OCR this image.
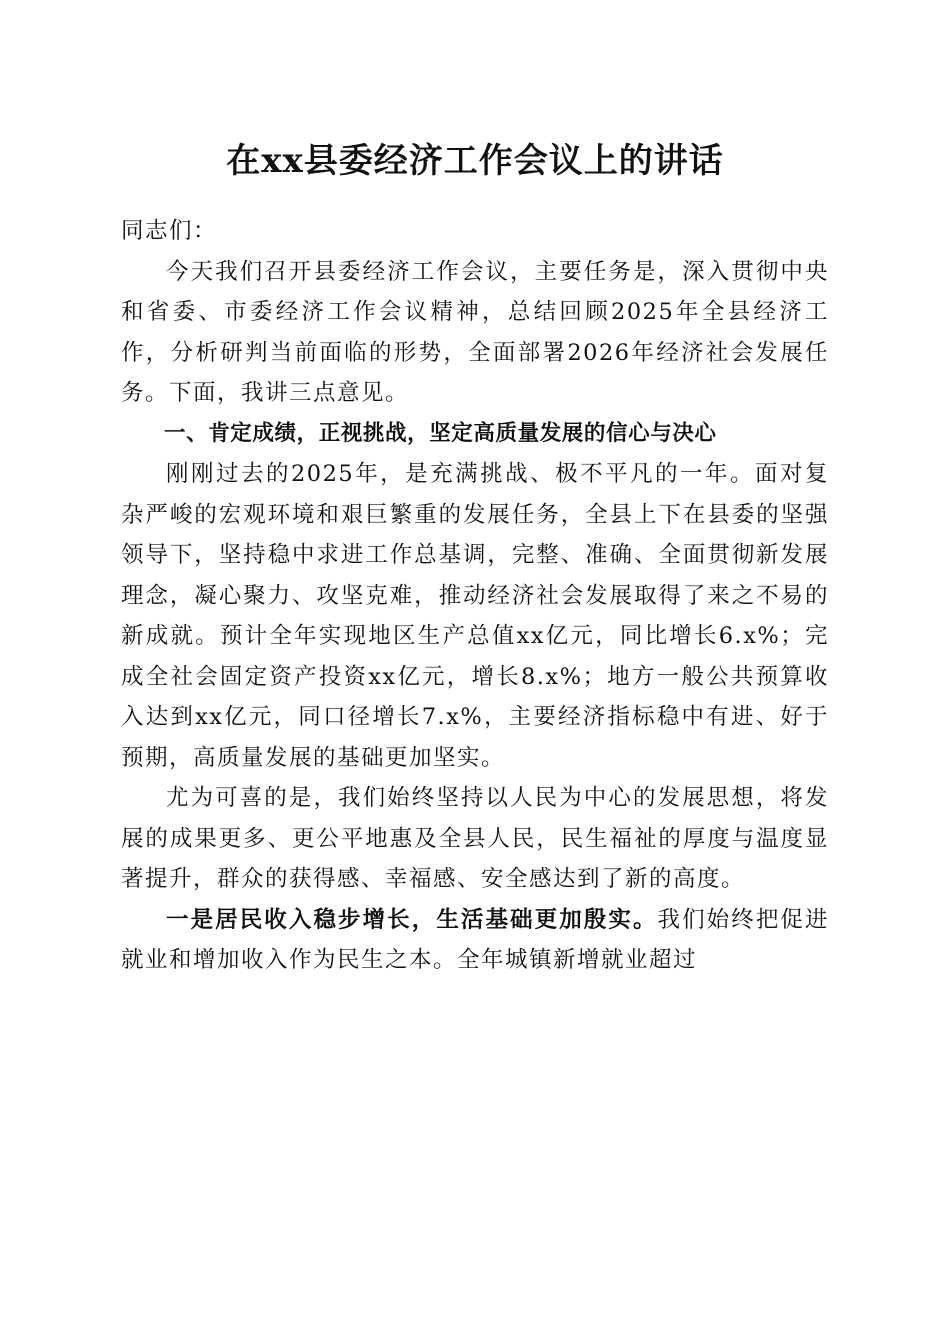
在xx县委经济工作会议上的讲话

同志们：

今天我们召开县委经济工作会议，主要任务是，深入贯彻中央和省委、市委经济工作会议精神，总结回顾2025年全县经济工作，分析研判当前面临的形势，全面部署2026年经济社会发展任务。下面，我讲三点意见。

一、肯定成绩，正视挑战，坚定高质量发展的信心与决心

刚刚过去的2025年，是充满挑战、极不平凡的一年。面对复杂严峻的宏观环境和艰巨繁重的发展任务，全县上下在县委的坚强领导下，坚持稳中求进工作总基调，完整、准确、全面贯彻新发展理念，凝心聚力、攻坚克难，推动经济社会发展取得了来之不易的新成就。预计全年实现地区生产总值xx亿元，同比增长6.x%；完成全社会固定资产投资xx亿元，增长8.x%；地方一般公共预算收入达到xx亿元，同口径增长7.x%，主要经济指标稳中有进、好于预期，高质量发展的基础更加坚实。

尤为可喜的是，我们始终坚持以人民为中心的发展思想，将发展的成果更多、更公平地惠及全县人民，民生福祉的厚度与温度显著提升，群众的获得感、幸福感、安全感达到了新的高度。

一是居民收入稳步增长，生活基础更加殷实。我们始终把促进就业和增加收入作为民生之本。全年城镇新增就业超过
